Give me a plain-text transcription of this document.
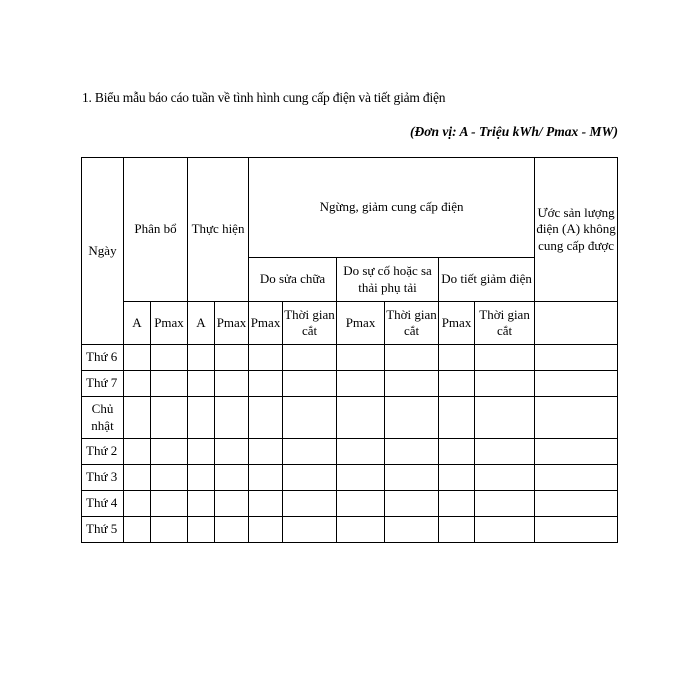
1. Biểu mẫu báo cáo tuần về tình hình cung cấp điện và tiết giảm điện
(Đơn vị: A - Triệu kWh/ Pmax - MW)
Ngày	Phân bổ		Thực hiện		Ngừng, giảm cung cấp điện						Ước sản lượng điện (A) không cung cấp được
					Do sửa chữa		Do sự cố hoặc sa thải phụ tải		Do tiết giảm điện		
	A	Pmax	A	Pmax	Pmax	Thời gian cắt	Pmax	Thời gian cắt	Pmax	Thời gian cắt	
Thứ 6											
Thứ 7											
Chủ nhật											
Thứ 2											
Thứ 3											
Thứ 4											
Thứ 5											
